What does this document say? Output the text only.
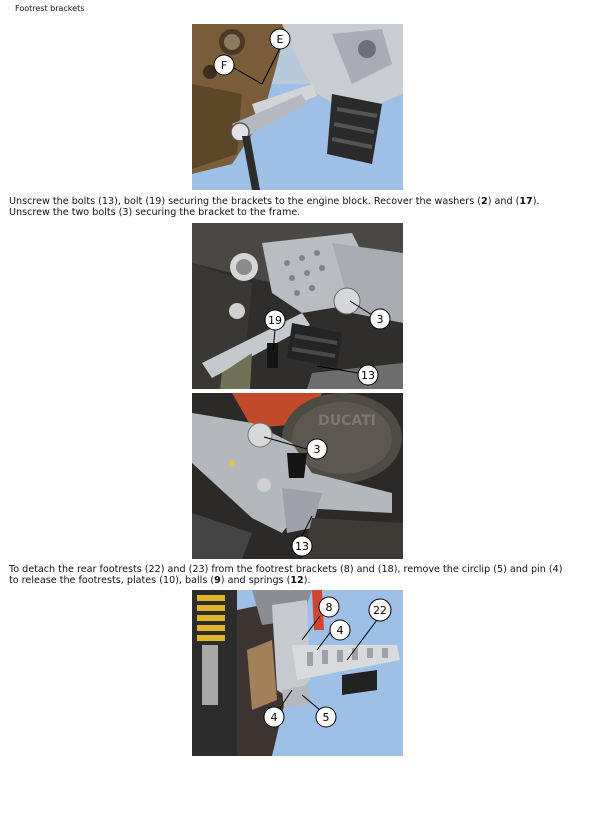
Footrest brackets
E
F
Unscrew the bolts (13), bolt (19) securing the brackets to the engine block. Recover the washers (2) and (17).
Unscrew the two bolts (3) securing the bracket to the frame.
19	3
13
DUCATI
3
13
To detach the rear footrests (22) and (23) from the footrest brackets (8) and (18), remove the circlip (5) and pin (4)
to release the footrests, plates (10), balls (9) and springs (12).
8
4
22
4	5
